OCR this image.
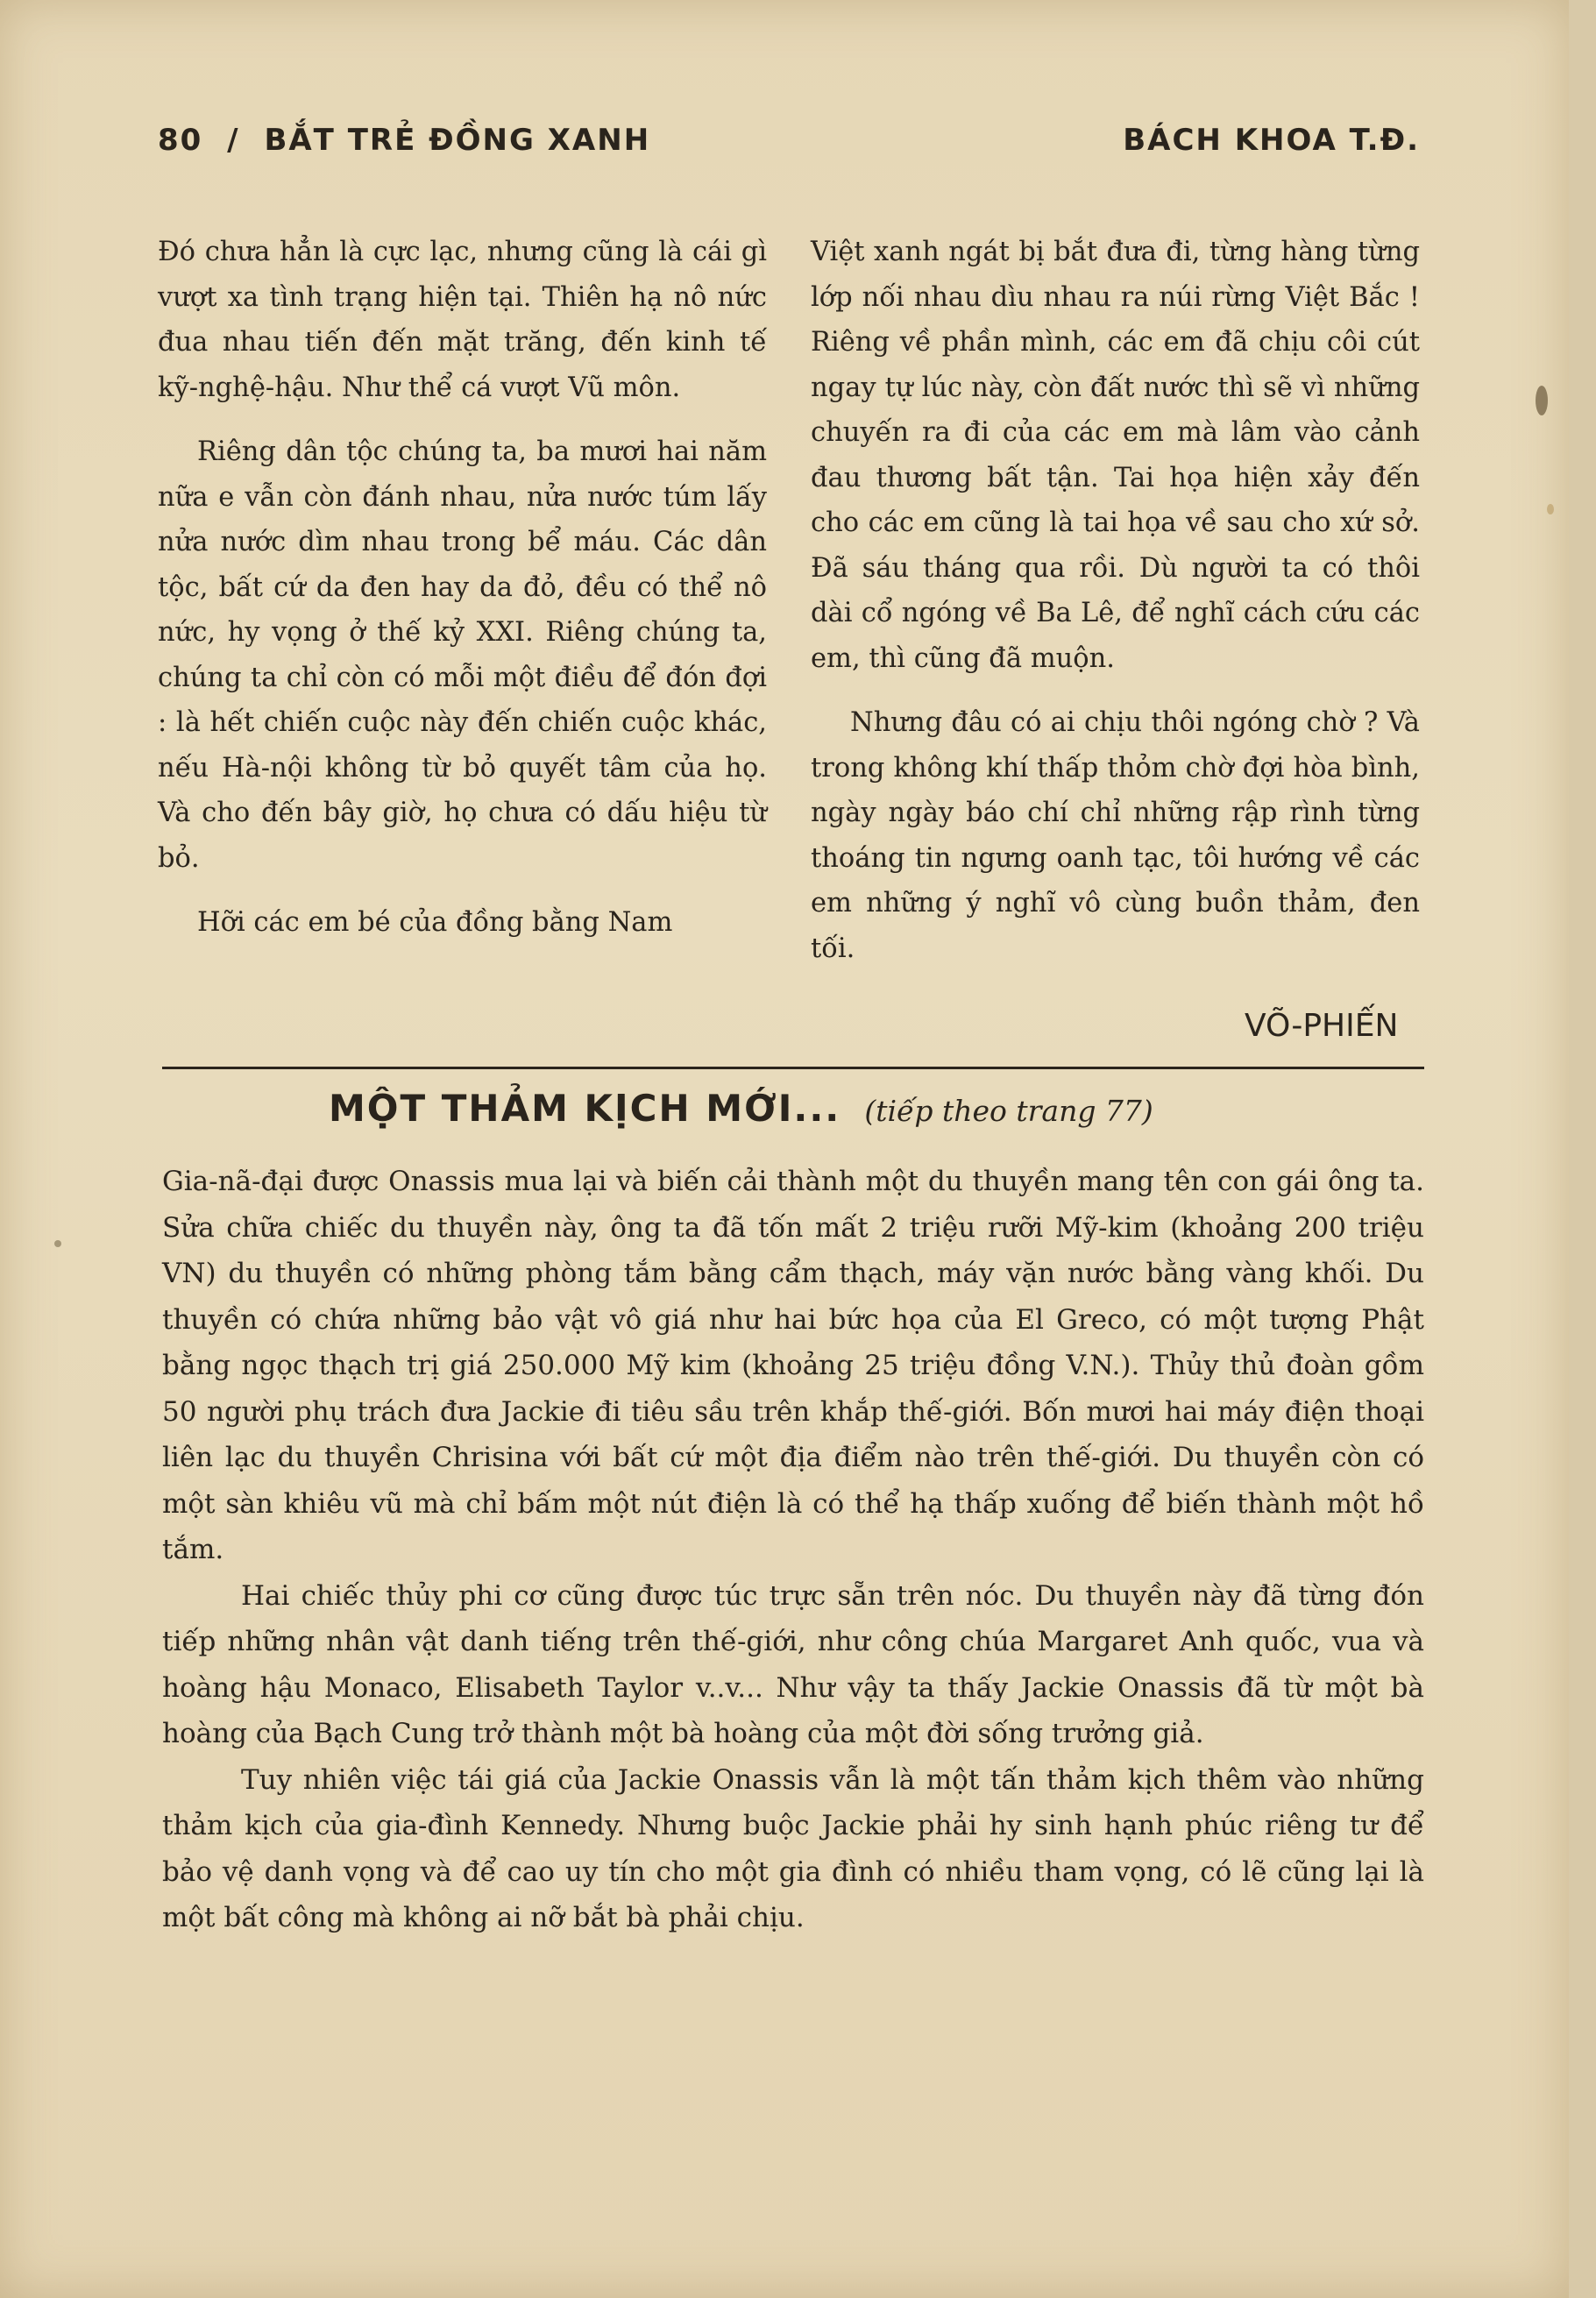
80 / BẮT TRẺ ĐỒNG XANH	BÁCH KHOA T.Đ.

Đó chưa hẳn là cực lạc, nhưng cũng là cái gì vượt xa tình trạng hiện tại. Thiên hạ nô nức đua nhau tiến đến mặt trăng, đến kinh tế kỹ-nghệ-hậu. Như thể cá vượt Vũ môn.

Riêng dân tộc chúng ta, ba mươi hai năm nữa e vẫn còn đánh nhau, nửa nước túm lấy nửa nước dìm nhau trong bể máu. Các dân tộc, bất cứ da đen hay da đỏ, đều có thể nô nức, hy vọng ở thế kỷ XXI. Riêng chúng ta, chúng ta chỉ còn có mỗi một điều để đón đợi : là hết chiến cuộc này đến chiến cuộc khác, nếu Hà-nội không từ bỏ quyết tâm của họ. Và cho đến bây giờ, họ chưa có dấu hiệu từ bỏ.

Hỡi các em bé của đồng bằng Nam

Việt xanh ngát bị bắt đưa đi, từng hàng từng lớp nối nhau dìu nhau ra núi rừng Việt Bắc ! Riêng về phần mình, các em đã chịu côi cút ngay tự lúc này, còn đất nước thì sẽ vì những chuyến ra đi của các em mà lâm vào cảnh đau thương bất tận. Tai họa hiện xảy đến cho các em cũng là tai họa về sau cho xứ sở. Đã sáu tháng qua rồi. Dù người ta có thôi dài cổ ngóng về Ba Lê, để nghĩ cách cứu các em, thì cũng đã muộn.

Nhưng đâu có ai chịu thôi ngóng chờ ? Và trong không khí thấp thỏm chờ đợi hòa bình, ngày ngày báo chí chỉ những rập rình từng thoáng tin ngưng oanh tạc, tôi hướng về các em những ý nghĩ vô cùng buồn thảm, đen tối.

VÕ-PHIẾN
MỘT THẢM KỊCH MỚI... (tiếp theo trang 77)

Gia-nã-đại được Onassis mua lại và biến cải thành một du thuyền mang tên con gái ông ta. Sửa chữa chiếc du thuyền này, ông ta đã tốn mất 2 triệu rưỡi Mỹ-kim (khoảng 200 triệu VN) du thuyền có những phòng tắm bằng cẩm thạch, máy vặn nước bằng vàng khối. Du thuyền có chứa những bảo vật vô giá như hai bức họa của El Greco, có một tượng Phật bằng ngọc thạch trị giá 250.000 Mỹ kim (khoảng 25 triệu đồng V.N.). Thủy thủ đoàn gồm 50 người phụ trách đưa Jackie đi tiêu sầu trên khắp thế-giới. Bốn mươi hai máy điện thoại liên lạc du thuyền Chrisina với bất cứ một địa điểm nào trên thế-giới. Du thuyền còn có một sàn khiêu vũ mà chỉ bấm một nút điện là có thể hạ thấp xuống để biến thành một hồ tắm.

Hai chiếc thủy phi cơ cũng được túc trực sẵn trên nóc. Du thuyền này đã từng đón tiếp những nhân vật danh tiếng trên thế-giới, như công chúa Margaret Anh quốc, vua và hoàng hậu Monaco, Elisabeth Taylor v..v... Như vậy ta thấy Jackie Onassis đã từ một bà hoàng của Bạch Cung trở thành một bà hoàng của một đời sống trưởng giả.

Tuy nhiên việc tái giá của Jackie Onassis vẫn là một tấn thảm kịch thêm vào những thảm kịch của gia-đình Kennedy. Nhưng buộc Jackie phải hy sinh hạnh phúc riêng tư để bảo vệ danh vọng và để cao uy tín cho một gia đình có nhiều tham vọng, có lẽ cũng lại là một bất công mà không ai nỡ bắt bà phải chịu.
